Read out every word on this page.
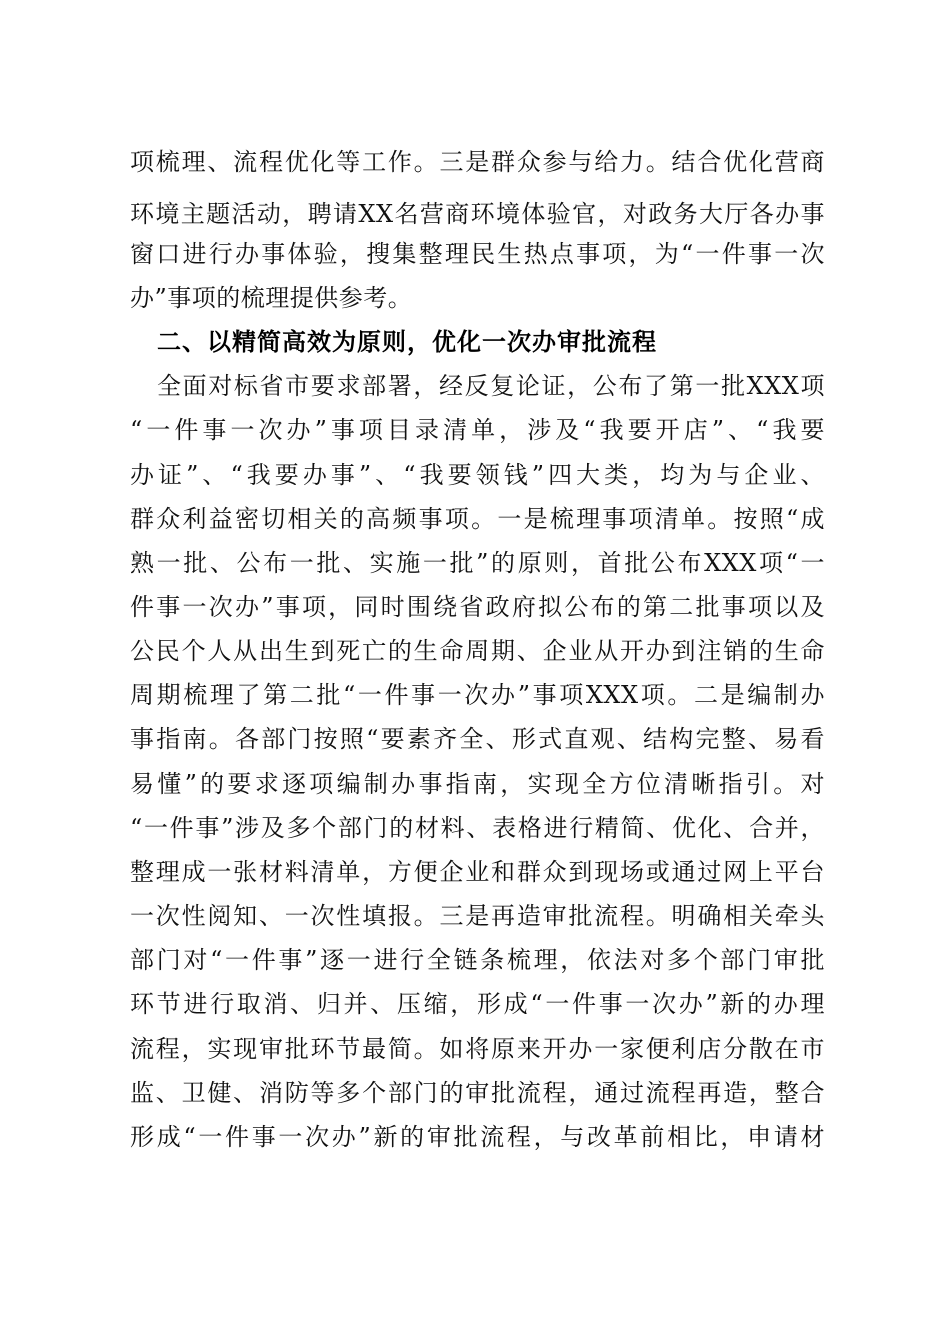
项梳理、流程优化等工作。三是群众参与给力。结合优化营商
环境主题活动，聘请XX名营商环境体验官，对政务大厅各办事
窗口进行办事体验，搜集整理民生热点事项，为“一件事一次
办”事项的梳理提供参考。
二、以精简高效为原则，优化一次办审批流程
全面对标省市要求部署，经反复论证，公布了第一批XXX项
“一件事一次办”事项目录清单，涉及“我要开店”、“我要
办证”、“我要办事”、“我要领钱”四大类，均为与企业、
群众利益密切相关的高频事项。一是梳理事项清单。按照“成
熟一批、公布一批、实施一批”的原则，首批公布XXX项“一
件事一次办”事项，同时围绕省政府拟公布的第二批事项以及
公民个人从出生到死亡的生命周期、企业从开办到注销的生命
周期梳理了第二批“一件事一次办”事项XXX项。二是编制办
事指南。各部门按照“要素齐全、形式直观、结构完整、易看
易懂”的要求逐项编制办事指南，实现全方位清晰指引。对
“一件事”涉及多个部门的材料、表格进行精简、优化、合并，
整理成一张材料清单，方便企业和群众到现场或通过网上平台
一次性阅知、一次性填报。三是再造审批流程。明确相关牵头
部门对“一件事”逐一进行全链条梳理，依法对多个部门审批
环节进行取消、归并、压缩，形成“一件事一次办”新的办理
流程，实现审批环节最简。如将原来开办一家便利店分散在市
监、卫健、消防等多个部门的审批流程，通过流程再造，整合
形成“一件事一次办”新的审批流程，与改革前相比，申请材
